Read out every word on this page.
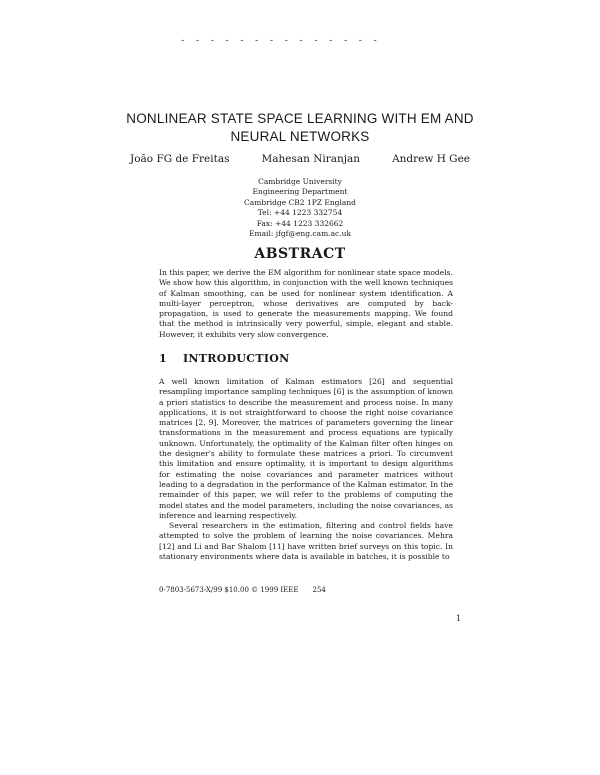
- - - - - - - - - - - - - -
NONLINEAR STATE SPACE LEARNING WITH EM AND NEURAL NETWORKS
João FG de Freitas	Mahesan Niranjan	Andrew H Gee
Cambridge University
Engineering Department
Cambridge CB2 1PZ England
Tel: +44 1223 332754
Fax: +44 1223 332662
Email: jfgf@eng.cam.ac.uk
ABSTRACT
In this paper, we derive the EM algorithm for nonlinear state space models. We show how this algorithm, in conjunction with the well known techniques of Kalman smoothing, can be used for nonlinear system identification. A multi-layer perceptron, whose derivatives are computed by back-propagation, is used to generate the measurements mapping. We found that the method is intrinsically very powerful, simple, elegant and stable. However, it exhibits very slow convergence.
1 INTRODUCTION

A well known limitation of Kalman estimators [26] and sequential resampling importance sampling techniques [6] is the assumption of known a priori statistics to describe the measurement and process noise. In many applications, it is not straightforward to choose the right noise covariance matrices [2, 9]. Moreover, the matrices of parameters governing the linear transformations in the measurement and process equations are typically unknown. Unfortunately, the optimality of the Kalman filter often hinges on the designer's ability to formulate these matrices a priori. To circumvent this limitation and ensure optimality, it is important to design algorithms for estimating the noise covariances and parameter matrices without leading to a degradation in the performance of the Kalman estimator. In the remainder of this paper, we will refer to the problems of computing the model states and the model parameters, including the noise covariances, as inference and learning respectively.

Several researchers in the estimation, filtering and control fields have attempted to solve the problem of learning the noise covariances. Mehra [12] and Li and Bar Shalom [11] have written brief surveys on this topic. In stationary environments where data is available in batches, it is possible to

0-7803-5673-X/99 $10.00 © 1999 IEEE 254
1
